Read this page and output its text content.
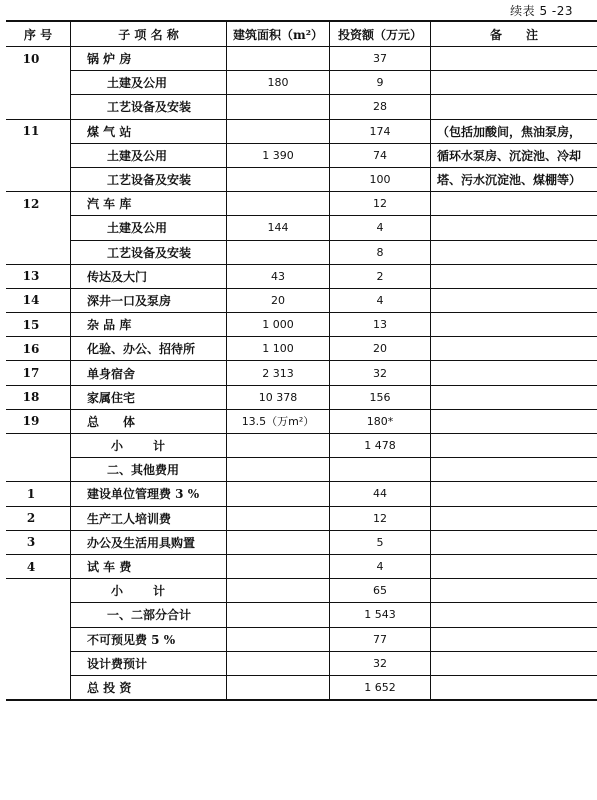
续表 5 -23
序 号	子 项 名 称	建筑面积（m²）	投资额（万元）	备　　注
10	锅 炉 房		37	
	土建及公用	180	9	
	工艺设备及安装		28	
11	煤 气 站		174	（包括加酸间，焦油泵房，
	土建及公用	1 390	74	循环水泵房、沉淀池、冷却
	工艺设备及安装		100	塔、污水沉淀池、煤棚等）
12	汽 车 库		12	
	土建及公用	144	4	
	工艺设备及安装		8	
13	传达及大门	43	2	
14	深井一口及泵房	20	4	
15	杂 品 库	1 000	13	
16	化验、办公、招待所	1 100	20	
17	单身宿舍	2 313	32	
18	家属住宅	10 378	156	
19	总　　体	13.5（万m²）	180*	
	小　　计		1 478	
	二、其他费用			
1	建设单位管理费 3 %		44	
2	生产工人培训费		12	
3	办公及生活用具购置		5	
4	试 车 费		4	
	小　　计		65	
	一、二部分合计		1 543	
	不可预见费 5 %		77	
	设计费预计		32	
	总 投 资		1 652	
